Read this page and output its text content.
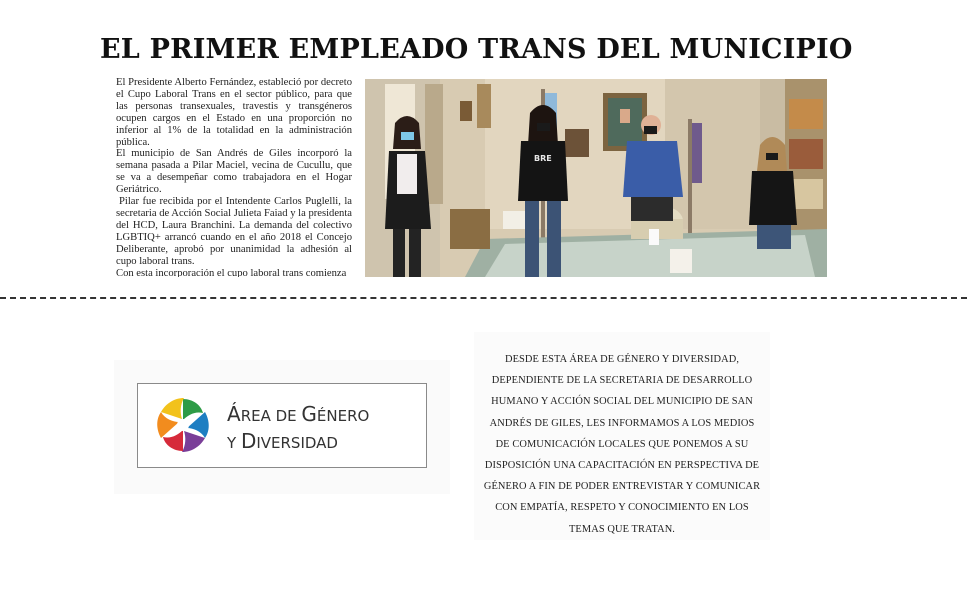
EL PRIMER EMPLEADO TRANS DEL MUNICIPIO

El Presidente Alberto Fernández, estableció por decreto el Cupo Laboral Trans en el sector público, para que las personas transexuales, travestis y transgéneros ocupen cargos en el Estado en una proporción no inferior al 1% de la totalidad en la administración pública.

El municipio de San Andrés de Giles incorporó la semana pasada a Pilar Maciel, vecina de Cucullu, que se va a desempeñar como trabajadora en el Hogar Geriátrico.

Pilar fue recibida por el Intendente Carlos Puglelli, la secretaria de Acción Social Julieta Faiad y la presidenta del HCD, Laura Branchini. La demanda del colectivo LGBTIQ+ arrancó cuando en el año 2018 el Concejo Deliberante, aprobó por unanimidad la adhesión al cupo laboral trans.

Con esta incorporación el cupo laboral trans comienza

BRE
ÁREA DE GÉNERO
Y DIVERSIDAD
DESDE ESTA ÁREA DE GÉNERO Y DIVERSIDAD,
DEPENDIENTE DE LA SECRETARIA DE DESARROLLO
HUMANO Y ACCIÓN SOCIAL DEL MUNICIPIO DE SAN
ANDRÉS DE GILES, LES INFORMAMOS A LOS MEDIOS
DE COMUNICACIÓN LOCALES QUE PONEMOS A SU
DISPOSICIÓN UNA CAPACITACIÓN EN PERSPECTIVA DE
GÉNERO A FIN DE PODER ENTREVISTAR Y COMUNICAR
CON EMPATÍA, RESPETO Y CONOCIMIENTO EN LOS
TEMAS QUE TRATAN.
